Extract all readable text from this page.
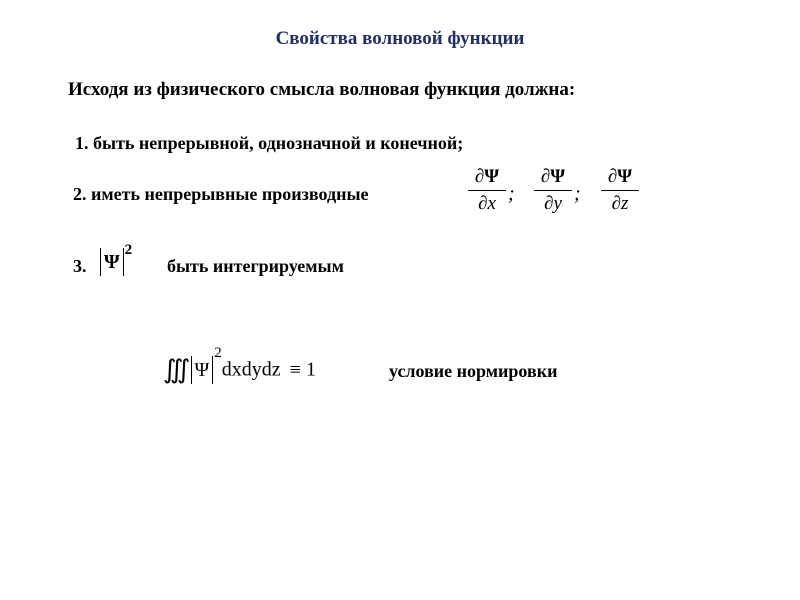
Свойства волновой функции
Исходя из физического смысла волновая функция должна:
1. быть непрерывной, однозначной и конечной;
2. иметь непрерывные производные
∂Ψ
∂x ;
∂Ψ
∂y ;
∂Ψ
∂z
3. $\Psi^2$
быть интегрируемым
∭ $\Psi^2dxdydz \equiv 1$	условие нормировки
